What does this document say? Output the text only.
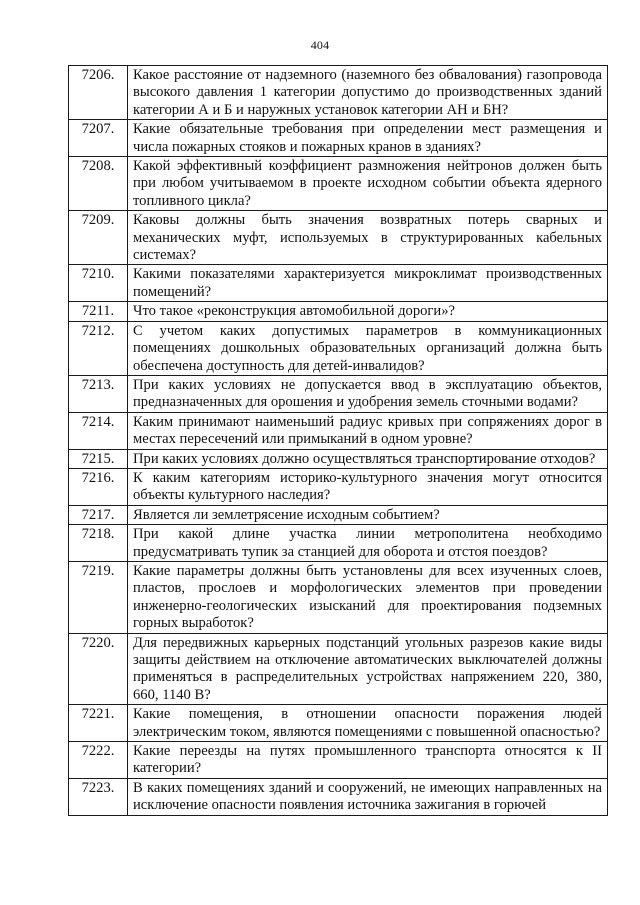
404
7206.	Какое расстояние от надземного (наземного без обвалования) газопровода высокого давления 1 категории допустимо до производственных зданий категории А и Б и наружных установок категории АН и БН?
7207.	Какие обязательные требования при определении мест размещения и числа пожарных стояков и пожарных кранов в зданиях?
7208.	Какой эффективный коэффициент размножения нейтронов должен быть при любом учитываемом в проекте исходном событии объекта ядерного топливного цикла?
7209.	Каковы должны быть значения возвратных потерь сварных и механических муфт, используемых в структурированных кабельных системах?
7210.	Какими показателями характеризуется микроклимат производственных помещений?
7211.	Что такое «реконструкция автомобильной дороги»?
7212.	С учетом каких допустимых параметров в коммуникационных помещениях дошкольных образовательных организаций должна быть обеспечена доступность для детей-инвалидов?
7213.	При каких условиях не допускается ввод в эксплуатацию объектов, предназначенных для орошения и удобрения земель сточными водами?
7214.	Каким принимают наименьший радиус кривых при сопряжениях дорог в местах пересечений или примыканий в одном уровне?
7215.	При каких условиях должно осуществляться транспортирование отходов?
7216.	К каким категориям историко-культурного значения могут относится объекты культурного наследия?
7217.	Является ли землетрясение исходным событием?
7218.	При какой длине участка линии метрополитена необходимо предусматривать тупик за станцией для оборота и отстоя поездов?
7219.	Какие параметры должны быть установлены для всех изученных слоев, пластов, прослоев и морфологических элементов при проведении инженерно-геологических изысканий для проектирования подземных горных выработок?
7220.	Для передвижных карьерных подстанций угольных разрезов какие виды защиты действием на отключение автоматических выключателей должны применяться в распределительных устройствах напряжением 220, 380, 660, 1140 В?
7221.	Какие помещения, в отношении опасности поражения людей электрическим током, являются помещениями с повышенной опасностью?
7222.	Какие переезды на путях промышленного транспорта относятся к II категории?
7223.	В каких помещениях зданий и сооружений, не имеющих направленных на исключение опасности появления источника зажигания в горючей
